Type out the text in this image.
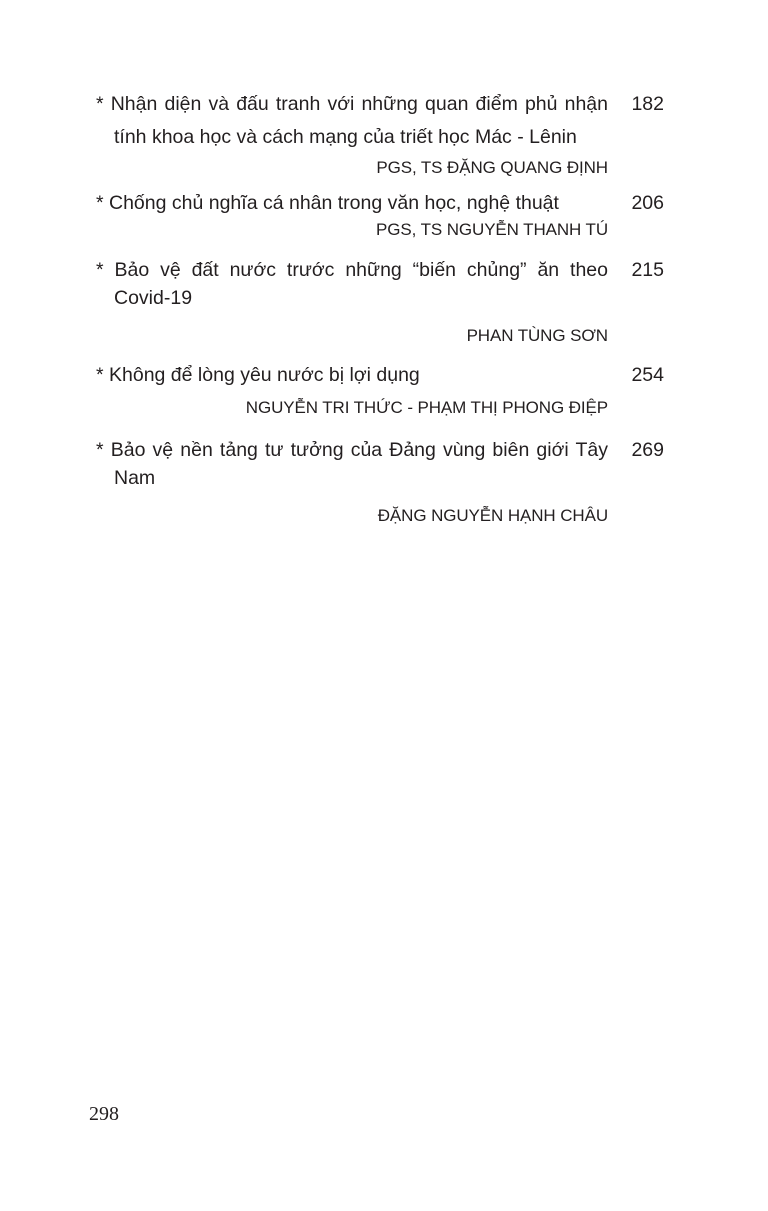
* Nhận diện và đấu tranh với những quan điểm phủ nhận tính khoa học và cách mạng của triết học Mác - Lênin
182
PGS, TS ĐẶNG QUANG ĐỊNH
* Chống chủ nghĩa cá nhân trong văn học, nghệ thuật	206
PGS, TS NGUYỄN THANH TÚ
* Bảo vệ đất nước trước những “biến chủng” ăn theo Covid-19
215
PHAN TÙNG SƠN
* Không để lòng yêu nước bị lợi dụng	254
NGUYỄN TRI THỨC - PHẠM THỊ PHONG ĐIỆP
* Bảo vệ nền tảng tư tưởng của Đảng vùng biên giới Tây Nam
269
ĐẶNG NGUYỄN HẠNH CHÂU
298
